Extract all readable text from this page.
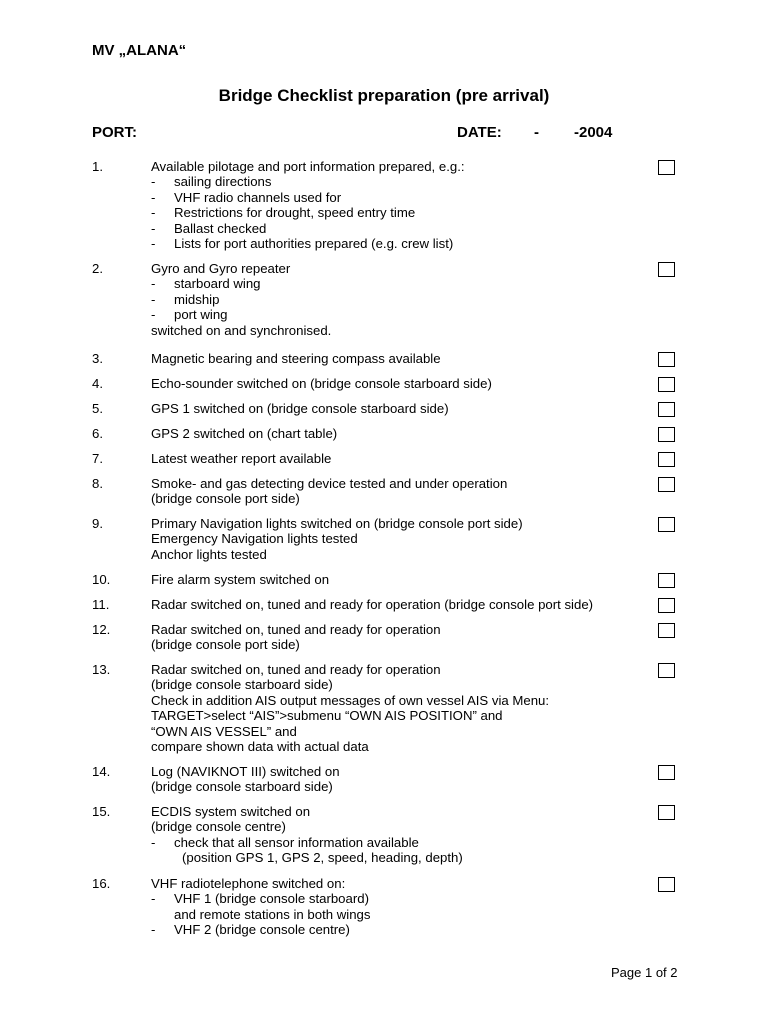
MV „ALANA“
Bridge Checklist preparation (pre arrival)
PORT:	DATE: - -2004
1.	Available pilotage and port information prepared, e.g.:
- sailing directions
- VHF radio channels used for
- Restrictions for drought, speed entry time
- Ballast checked
- Lists for port authorities prepared (e.g. crew list)
2.	Gyro and Gyro repeater
- starboard wing
- midship
- port wing
switched on and synchronised.
3.	Magnetic bearing and steering compass available
4.	Echo-sounder switched on (bridge console starboard side)
5.	GPS 1 switched on (bridge console starboard side)
6.	GPS 2 switched on (chart table)
7.	Latest weather report available
8.	Smoke- and gas detecting device tested and under operation
(bridge console port side)
9.	Primary Navigation lights switched on (bridge console port side)
Emergency Navigation lights tested
Anchor lights tested
10.	Fire alarm system switched on
11.	Radar switched on, tuned and ready for operation (bridge console port side)
12.	Radar switched on, tuned and ready for operation
(bridge console port side)
13.	Radar switched on, tuned and ready for operation
(bridge console starboard side)
Check in addition AIS output messages of own vessel AIS via Menu:
TARGET>select “AIS”>submenu “OWN AIS POSITION” and
“OWN AIS VESSEL” and
compare shown data with actual data
14.	Log (NAVIKNOT III) switched on
(bridge console starboard side)
15.	ECDIS system switched on
(bridge console centre)
- check that all sensor information available
(position GPS 1, GPS 2, speed, heading, depth)
16.	VHF radiotelephone switched on:
- VHF 1 (bridge console starboard)
and remote stations in both wings
- VHF 2 (bridge console centre)
Page 1 of 2
